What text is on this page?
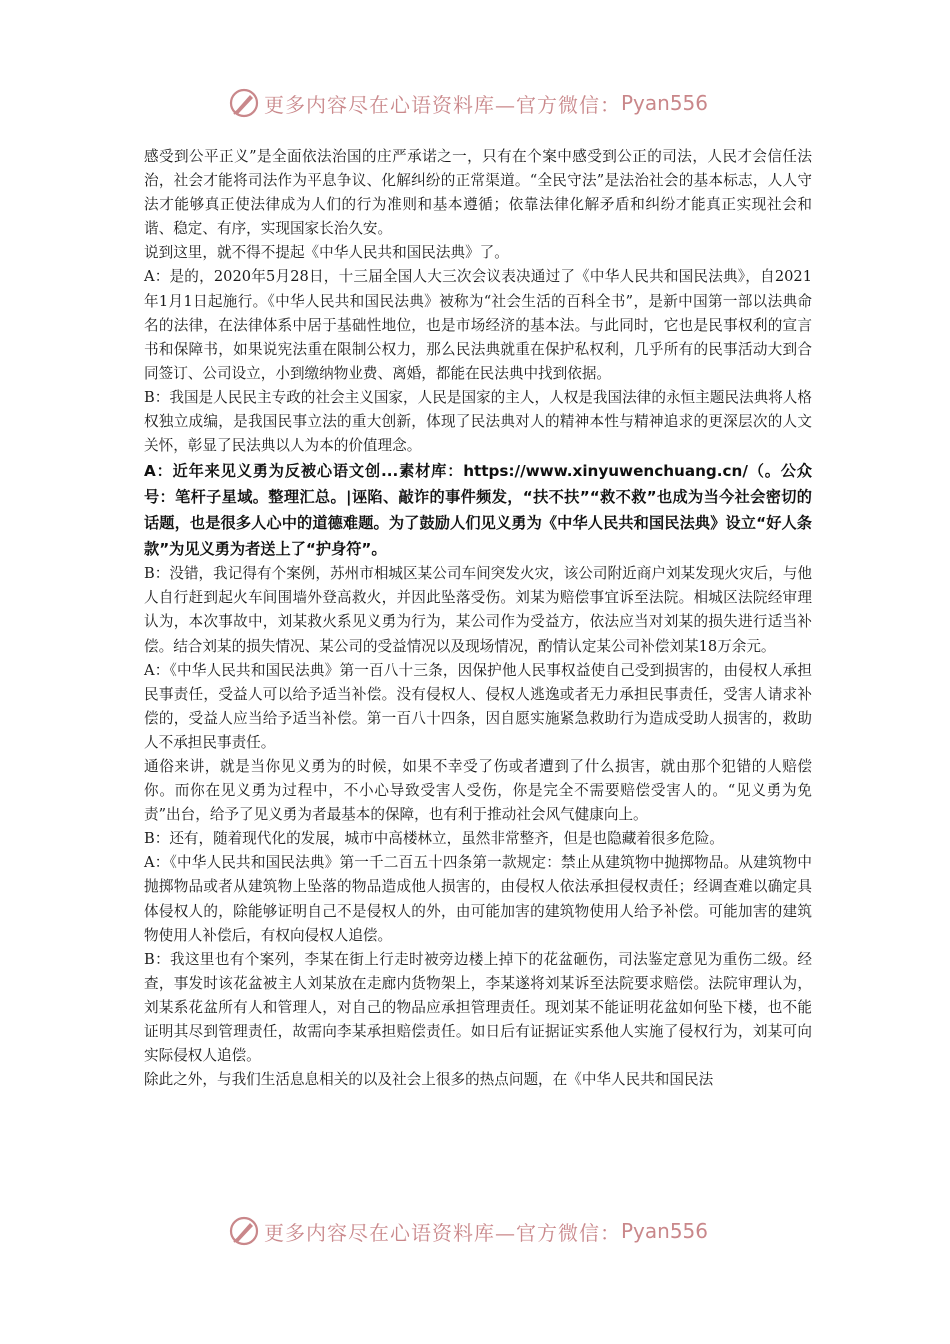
更多内容尽在心语资料库—官方微信： Pyan556

感受到公平正义”是全面依法治国的庄严承诺之一，只有在个案中感受到公正的司法，人民才会信任法治，社会才能将司法作为平息争议、化解纠纷的正常渠道。“全民守法”是法治社会的基本标志，人人守法才能够真正使法律成为人们的行为准则和基本遵循；依靠法律化解矛盾和纠纷才能真正实现社会和谐、稳定、有序，实现国家长治久安。

说到这里，就不得不提起《中华人民共和国民法典》了。

A：是的，2020年5月28日，十三届全国人大三次会议表决通过了《中华人民共和国民法典》，自2021年1月1日起施行。《中华人民共和国民法典》被称为“社会生活的百科全书”，是新中国第一部以法典命名的法律，在法律体系中居于基础性地位，也是市场经济的基本法。与此同时，它也是民事权利的宣言书和保障书，如果说宪法重在限制公权力，那么民法典就重在保护私权利，几乎所有的民事活动大到合同签订、公司设立，小到缴纳物业费、离婚，都能在民法典中找到依据。

B：我国是人民民主专政的社会主义国家，人民是国家的主人，人权是我国法律的永恒主题民法典将人格权独立成编，是我国民事立法的重大创新，体现了民法典对人的精神本性与精神追求的更深层次的人文关怀，彰显了民法典以人为本的价值理念。

A：近年来见义勇为反被心语文创...素材库：https://www.xinyuwenchuang.cn/（。公众号：笔杆子星域。整理汇总。|诬陷、敲诈的事件频发，“扶不扶”“救不救”也成为当今社会密切的话题，也是很多人心中的道德难题。为了鼓励人们见义勇为《中华人民共和国民法典》设立“好人条款”为见义勇为者送上了“护身符”。

B：没错，我记得有个案例，苏州市相城区某公司车间突发火灾，该公司附近商户刘某发现火灾后，与他人自行赶到起火车间围墙外登高救火，并因此坠落受伤。刘某为赔偿事宜诉至法院。相城区法院经审理认为，本次事故中，刘某救火系见义勇为行为，某公司作为受益方，依法应当对刘某的损失进行适当补偿。结合刘某的损失情况、某公司的受益情况以及现场情况，酌情认定某公司补偿刘某18万余元。

A：《中华人民共和国民法典》第一百八十三条，因保护他人民事权益使自己受到损害的，由侵权人承担民事责任，受益人可以给予适当补偿。没有侵权人、侵权人逃逸或者无力承担民事责任，受害人请求补偿的，受益人应当给予适当补偿。第一百八十四条，因自愿实施紧急救助行为造成受助人损害的，救助人不承担民事责任。

通俗来讲，就是当你见义勇为的时候，如果不幸受了伤或者遭到了什么损害，就由那个犯错的人赔偿你。而你在见义勇为过程中，不小心导致受害人受伤，你是完全不需要赔偿受害人的。“见义勇为免责”出台，给予了见义勇为者最基本的保障，也有利于推动社会风气健康向上。

B：还有，随着现代化的发展，城市中高楼林立，虽然非常整齐，但是也隐藏着很多危险。

A：《中华人民共和国民法典》第一千二百五十四条第一款规定：禁止从建筑物中抛掷物品。从建筑物中抛掷物品或者从建筑物上坠落的物品造成他人损害的，由侵权人依法承担侵权责任；经调查难以确定具体侵权人的，除能够证明自己不是侵权人的外，由可能加害的建筑物使用人给予补偿。可能加害的建筑物使用人补偿后，有权向侵权人追偿。

B：我这里也有个案列，李某在街上行走时被旁边楼上掉下的花盆砸伤，司法鉴定意见为重伤二级。经查，事发时该花盆被主人刘某放在走廊内货物架上，李某遂将刘某诉至法院要求赔偿。法院审理认为，刘某系花盆所有人和管理人，对自己的物品应承担管理责任。现刘某不能证明花盆如何坠下楼，也不能证明其尽到管理责任，故需向李某承担赔偿责任。如日后有证据证实系他人实施了侵权行为，刘某可向实际侵权人追偿。

除此之外，与我们生活息息相关的以及社会上很多的热点问题，在《中华人民共和国民法

更多内容尽在心语资料库—官方微信： Pyan556
